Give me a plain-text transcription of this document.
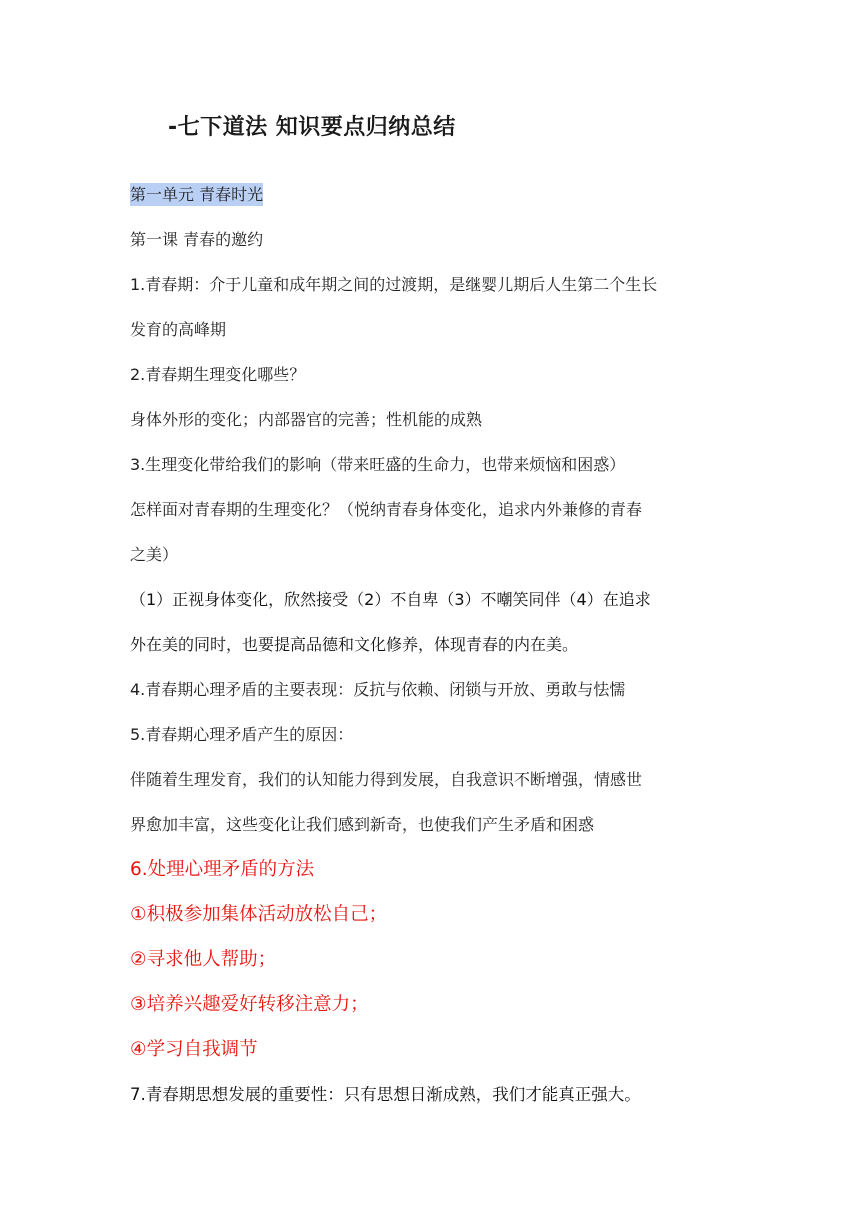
-七下道法 知识要点归纳总结
第一单元 青春时光
第一课 青春的邀约
1.青春期：介于儿童和成年期之间的过渡期，是继婴儿期后人生第二个生长
发育的高峰期
2.青春期生理变化哪些？
身体外形的变化；内部器官的完善；性机能的成熟
3.生理变化带给我们的影响（带来旺盛的生命力，也带来烦恼和困惑）
怎样面对青春期的生理变化？（悦纳青春身体变化，追求内外兼修的青春
之美）
（1）正视身体变化，欣然接受（2）不自卑（3）不嘲笑同伴（4）在追求
外在美的同时，也要提高品德和文化修养，体现青春的内在美。
4.青春期心理矛盾的主要表现：反抗与依赖、闭锁与开放、勇敢与怯懦
5.青春期心理矛盾产生的原因：
伴随着生理发育，我们的认知能力得到发展，自我意识不断增强，情感世
界愈加丰富，这些变化让我们感到新奇，也使我们产生矛盾和困惑
6.处理心理矛盾的方法
①积极参加集体活动放松自己；
②寻求他人帮助；
③培养兴趣爱好转移注意力；
④学习自我调节
7.青春期思想发展的重要性：只有思想日渐成熟，我们才能真正强大。
